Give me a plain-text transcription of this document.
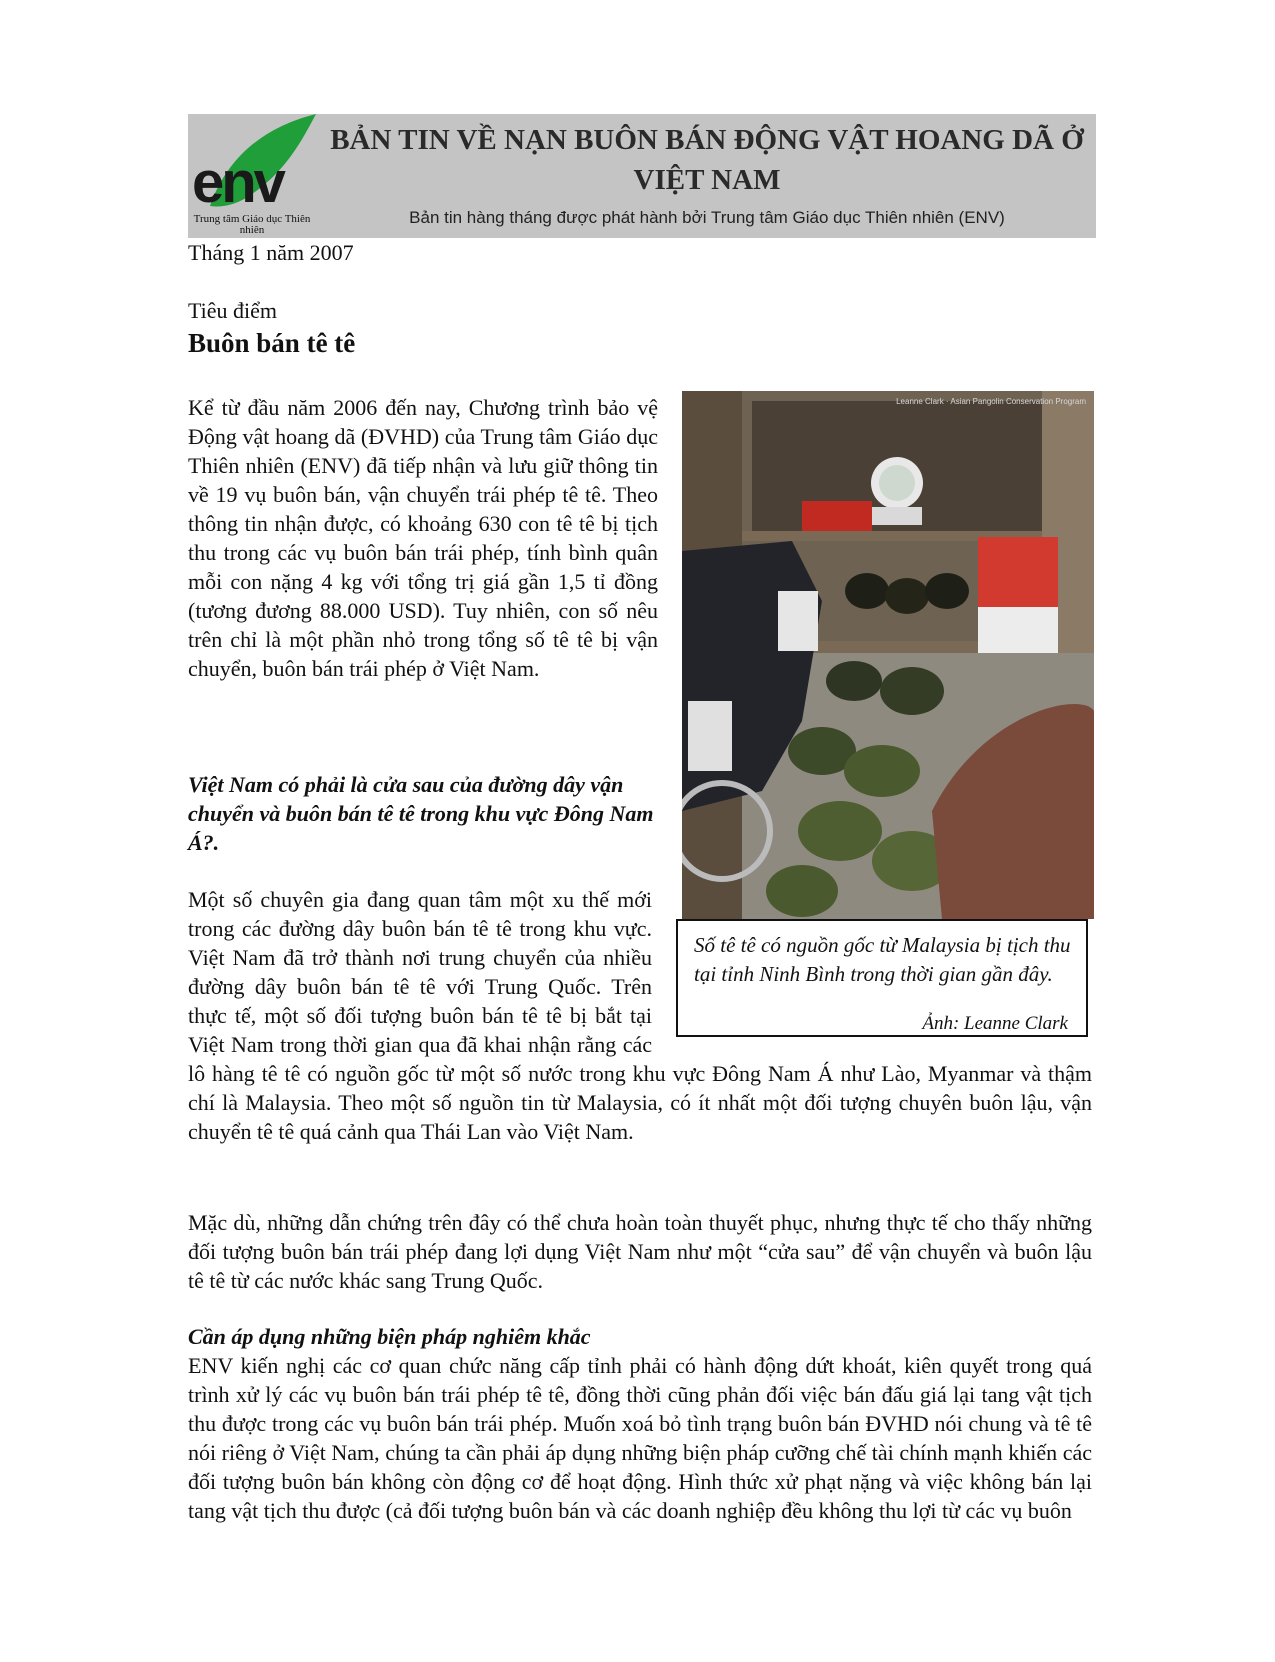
env
Trung tâm Giáo dục Thiên nhiên
BẢN TIN VỀ NẠN BUÔN BÁN ĐỘNG VẬT HOANG DÃ Ở VIỆT NAM
Bản tin hàng tháng được phát hành bởi Trung tâm Giáo dục Thiên nhiên (ENV)
Tháng 1 năm 2007
Tiêu điểm
Buôn bán tê tê

Kể từ đầu năm 2006 đến nay, Chương trình bảo vệ Động vật hoang dã (ĐVHD) của Trung tâm Giáo dục Thiên nhiên (ENV) đã tiếp nhận và lưu giữ thông tin về 19 vụ buôn bán, vận chuyển trái phép tê tê. Theo thông tin nhận được, có khoảng 630 con tê tê bị tịch thu trong các vụ buôn bán trái phép, tính bình quân mỗi con nặng 4 kg với tổng trị giá gần 1,5 tỉ đồng (tương đương 88.000 USD). Tuy nhiên, con số nêu trên chỉ là một phần nhỏ trong tổng số tê tê bị vận chuyển, buôn bán trái phép ở Việt Nam.

Việt Nam có phải là cửa sau của đường dây vận chuyển và buôn bán tê tê trong khu vực Đông Nam Á?.

Một số chuyên gia đang quan tâm một xu thế mới trong các đường dây buôn bán tê tê trong khu vực. Việt Nam đã trở thành nơi trung chuyển của nhiều đường dây buôn bán tê tê với Trung Quốc. Trên thực tế, một số đối tượng buôn bán tê tê bị bắt tại Việt Nam trong thời gian qua đã khai nhận rằng các lô hàng tê tê có nguồn gốc từ một số nước trong khu vực Đông Nam Á như Lào, Myanmar và thậm chí là Malaysia. Theo một số nguồn tin từ Malaysia, có ít nhất một đối tượng chuyên buôn lậu, vận chuyển tê tê quá cảnh qua Thái Lan vào Việt Nam.

Mặc dù, những dẫn chứng trên đây có thể chưa hoàn toàn thuyết phục, nhưng thực tế cho thấy những đối tượng buôn bán trái phép đang lợi dụng Việt Nam như một “cửa sau” để vận chuyển và buôn lậu tê tê từ các nước khác sang Trung Quốc.

Cần áp dụng những biện pháp nghiêm khắc

ENV kiến nghị các cơ quan chức năng cấp tỉnh phải có hành động dứt khoát, kiên quyết trong quá trình xử lý các vụ buôn bán trái phép tê tê, đồng thời cũng phản đối việc bán đấu giá lại tang vật tịch thu được trong các vụ buôn bán trái phép. Muốn xoá bỏ tình trạng buôn bán ĐVHD nói chung và tê tê nói riêng ở Việt Nam, chúng ta cần phải áp dụng những biện pháp cưỡng chế tài chính mạnh khiến các đối tượng buôn bán không còn động cơ để hoạt động. Hình thức xử phạt nặng và việc không bán lại tang vật tịch thu được (cả đối tượng buôn bán và các doanh nghiệp đều không thu lợi từ các vụ buôn

Leanne Clark · Asian Pangolin Conservation Program

Số tê tê có nguồn gốc từ Malaysia bị tịch thu tại tỉnh Ninh Bình trong thời gian gần đây.

Ảnh: Leanne Clark
